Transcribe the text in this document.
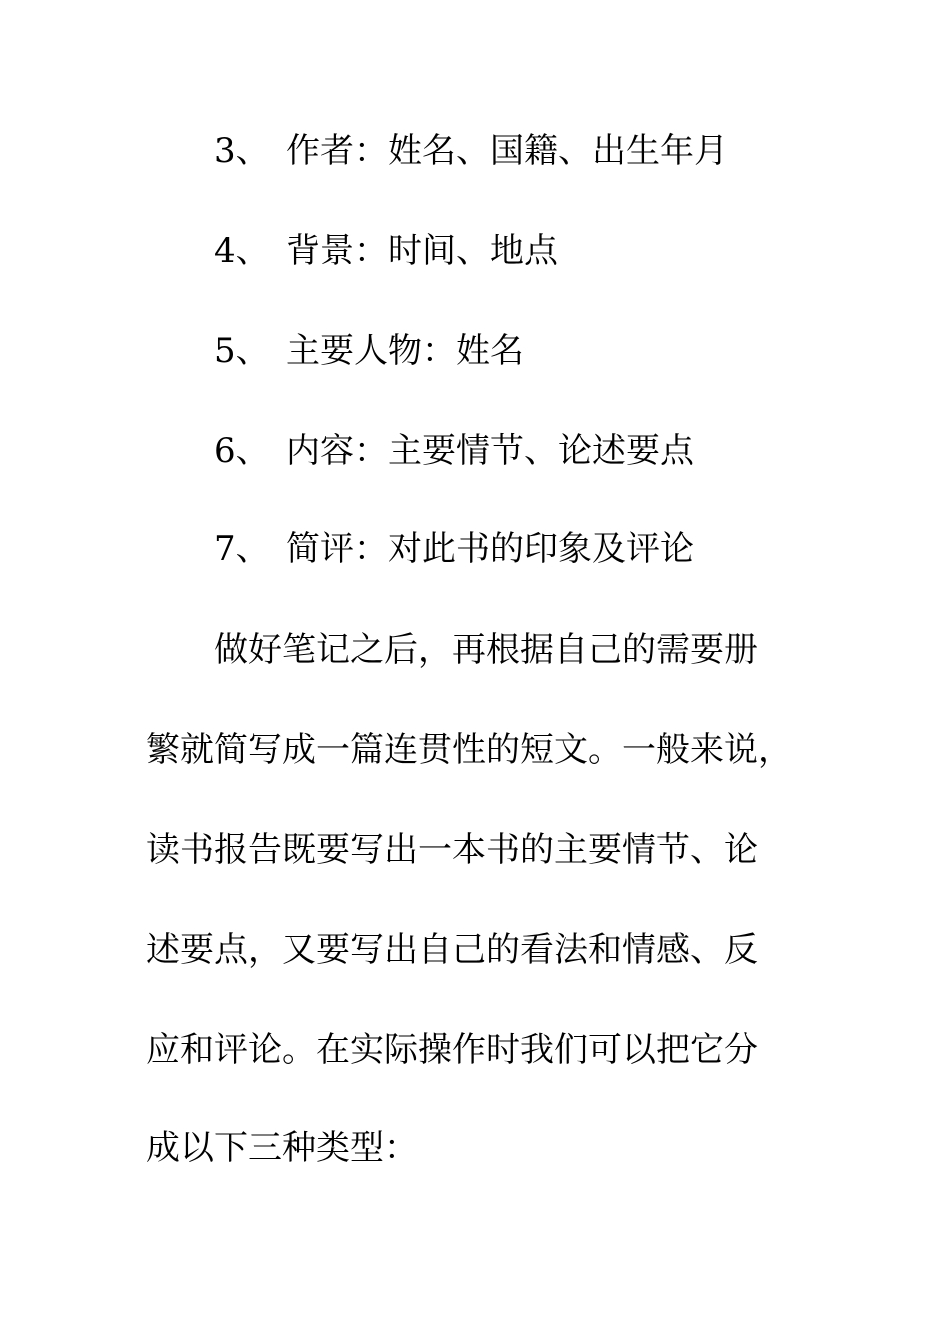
3、 作者：姓名、国籍、出生年月
4、 背景：时间、地点
5、 主要人物：姓名
6、 内容：主要情节、论述要点
7、 简评：对此书的印象及评论
做好笔记之后，再根据自己的需要册
繁就简写成一篇连贯性的短文。一般来说，
读书报告既要写出一本书的主要情节、论
述要点，又要写出自己的看法和情感、反
应和评论。在实际操作时我们可以把它分
成以下三种类型：
